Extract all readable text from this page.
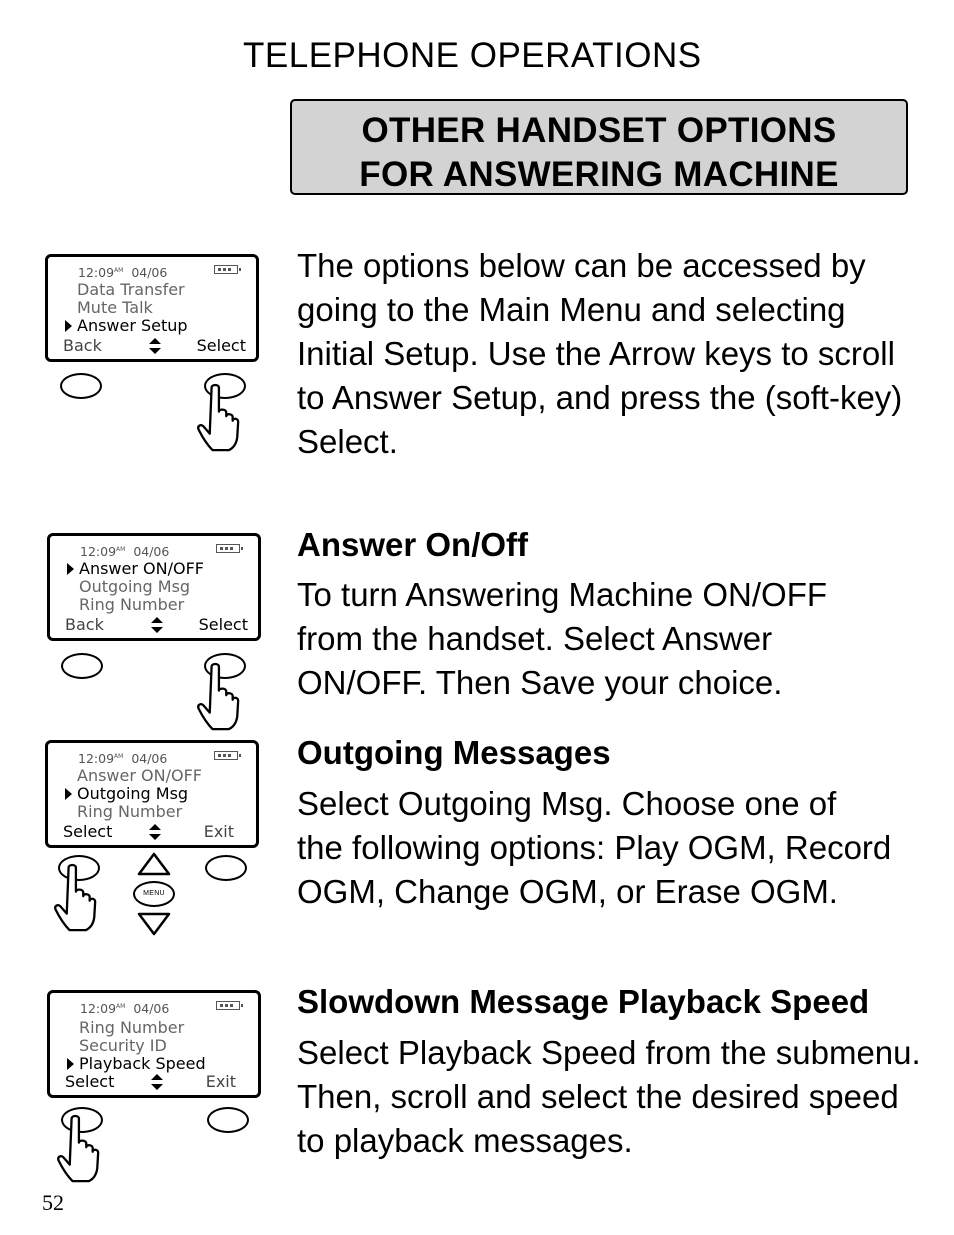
TELEPHONE OPERATIONS
OTHER HANDSET OPTIONS
FOR ANSWERING MACHINE
The options below can be accessed by
going to the Main Menu and selecting
Initial Setup. Use the Arrow keys to scroll
to Answer Setup, and press the (soft-key)
Select.
Answer On/Off
To turn Answering Machine ON/OFF
from the handset. Select Answer
ON/OFF. Then Save your choice.
Outgoing Messages
Select Outgoing Msg. Choose one of
the following options: Play OGM, Record
OGM, Change OGM, or Erase OGM.
Slowdown Message Playback Speed
Select Playback Speed from the submenu.
Then, scroll and select the desired speed
to playback messages.
52
$12:09^{AM}$ 04/06
Data Transfer
Mute Talk
Answer Setup
Back	Select
$12:09^{AM}$ 04/06
Answer ON/OFF
Outgoing Msg
Ring Number
Back	Select
$12:09^{AM}$ 04/06
Answer ON/OFF
Outgoing Msg
Ring Number
Select	Exit
MENU
$12:09^{AM}$ 04/06
Ring Number
Security ID
Playback Speed
Select	Exit
